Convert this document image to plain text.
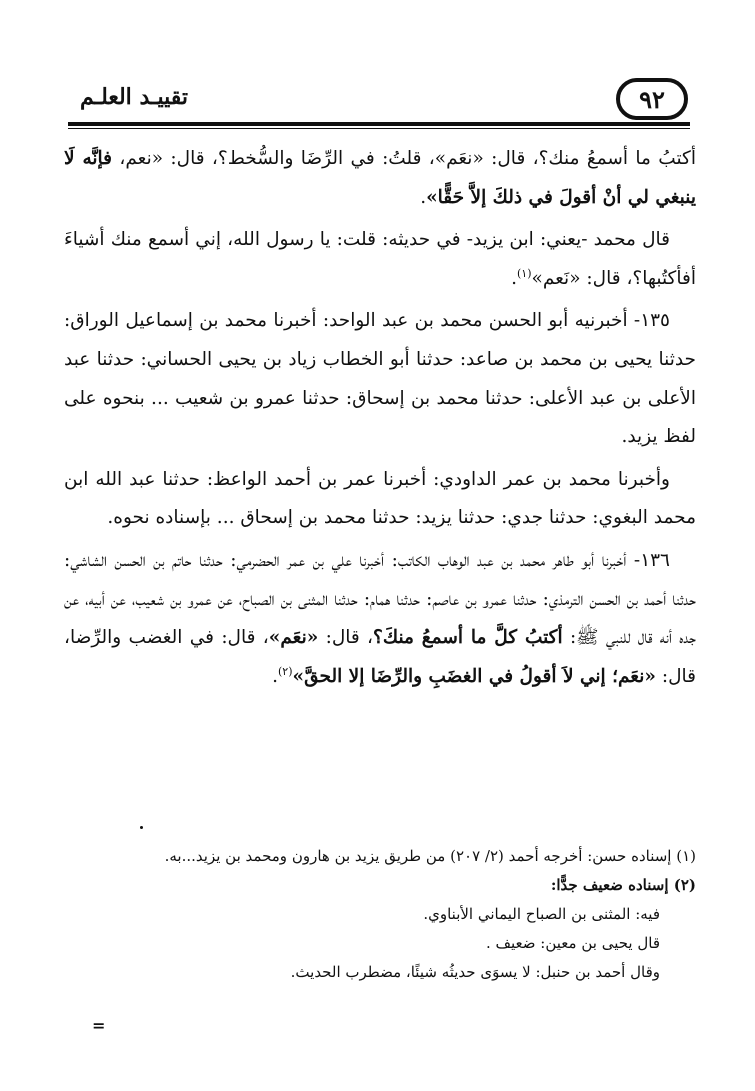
٩٢
تقييـد العلـم

أكتبُ ما أسمعُ منك؟، قال: «نعَم»، قلتُ: في الرِّضَا والسُّخط؟، قال: «نعم، فإنَّه لَا ينبغي لي أنْ أقولَ في ذلكَ إلاَّ حَقًّا».

قال محمد -يعني: ابن يزيد- في حديثه: قلت: يا رسول الله، إني أسمع منك أشياءَ أفأكتُبها؟، قال: «نَعم»$^{(١)}$.

١٣٥- أخبرنيه أبو الحسن محمد بن عبد الواحد: أخبرنا محمد بن إسماعيل الوراق: حدثنا يحيى بن محمد بن صاعد: حدثنا أبو الخطاب زياد بن يحيى الحساني: حدثنا عبد الأعلى بن عبد الأعلى: حدثنا محمد بن إسحاق: حدثنا عمرو بن شعيب ... بنحوه على لفظ يزيد.

وأخبرنا محمد بن عمر الداودي: أخبرنا عمر بن أحمد الواعظ: حدثنا عبد الله ابن محمد البغوي: حدثنا جدي: حدثنا يزيد: حدثنا محمد بن إسحاق ... بإسناده نحوه.

١٣٦- أخبرنا أبو طاهر محمد بن عبد الوهاب الكاتب: أخبرنا علي بن عمر الحضرمي: حدثنا حاتم بن الحسن الشاشي: حدثنا أحمد بن الحسن الترمذي: حدثنا عمرو بن عاصم: حدثنا همام: حدثنا المثنى بن الصباح، عن عمرو بن شعيب، عن أبيه، عن جده أنه قال للنبي ﷺ: أكتبُ كلَّ ما أسمعُ منكَ؟، قال: «نعَم»، قال: في الغضب والرِّضا، قال: «نعَم؛ إني لاَ أقولُ في الغضَبِ والرِّضَا إلا الحقَّ»$^{(٢)}$.

(١) إسناده حسن: أخرجه أحمد (٢/ ٢٠٧) من طريق يزيد بن هارون ومحمد بن يزيد...به.

(٢) إسناده ضعيف جدًّا:

فيه: المثنى بن الصباح اليماني الأبناوي.

قال يحيى بن معين: ضعيف .

وقال أحمد بن حنبل: لا يسوَى حديثُه شيئًا، مضطرب الحديث.

=
